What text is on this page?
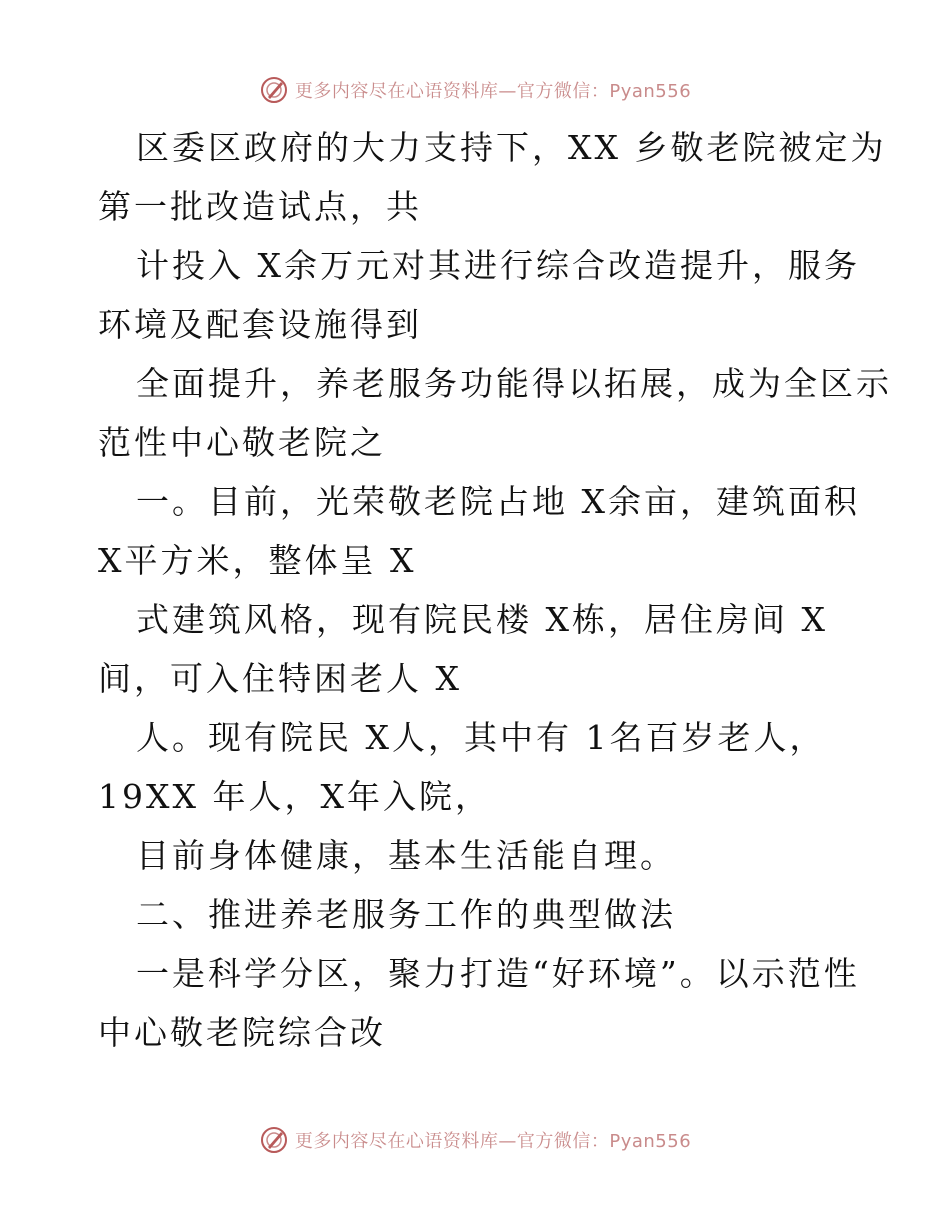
更多内容尽在心语资料库—官方微信：Pyan556
区委区政府的大力支持下，XX 乡敬老院被定为
第一批改造试点，共
计投入 X余万元对其进行综合改造提升，服务
环境及配套设施得到
全面提升，养老服务功能得以拓展，成为全区示
范性中心敬老院之
一。目前，光荣敬老院占地 X余亩，建筑面积
X平方米，整体呈 X
式建筑风格，现有院民楼 X栋，居住房间 X
间，可入住特困老人 X
人。现有院民 X人，其中有 1名百岁老人，
19XX 年人，X年入院，
目前身体健康，基本生活能自理。
二、推进养老服务工作的典型做法
一是科学分区，聚力打造“好环境”。以示范性
中心敬老院综合改
更多内容尽在心语资料库—官方微信：Pyan556
